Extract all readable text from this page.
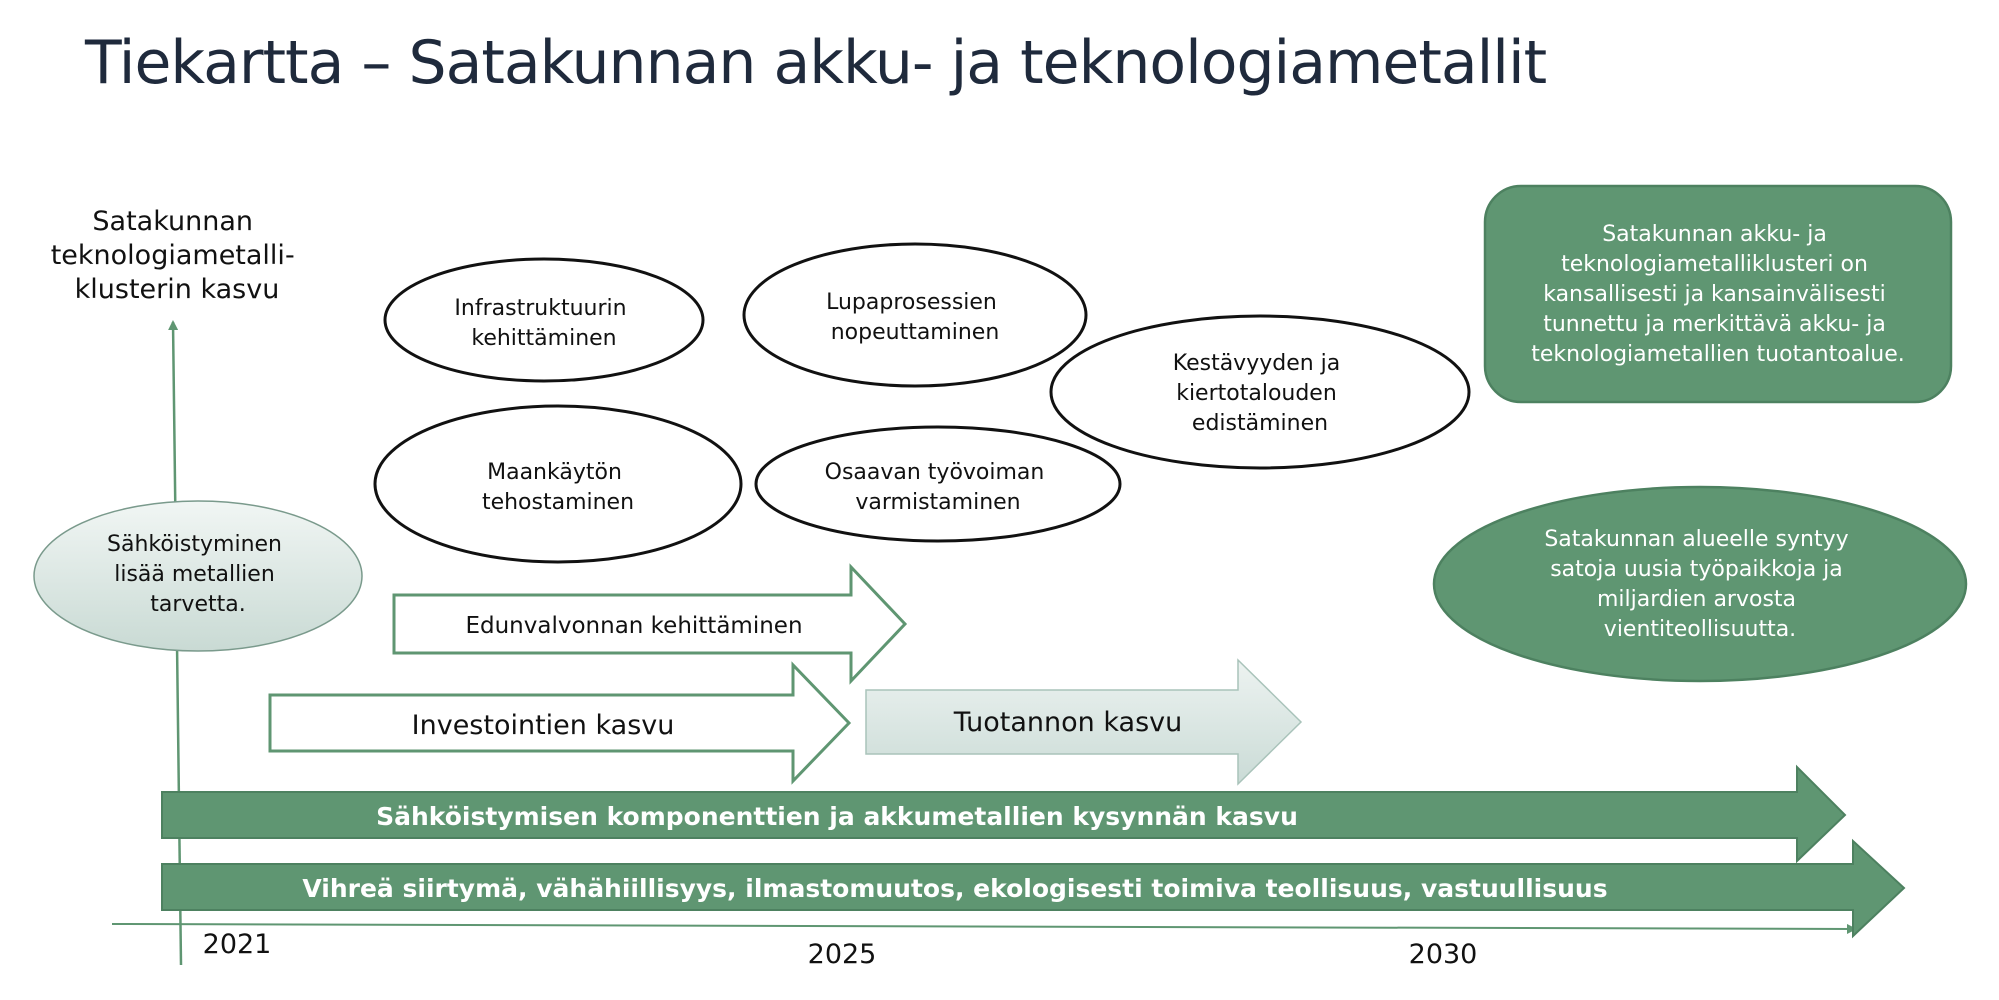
Tiekartta – Satakunnan akku- ja teknologiametallit
Satakunnan teknologiametalli- klusterin kasvu
2021	2025	2030
Sähköistyminen lisää metallien tarvetta.
Infrastruktuurin kehittäminen
Lupaprosessien nopeuttaminen
Kestävyyden ja kiertotalouden edistäminen
Maankäytön tehostaminen
Osaavan työvoiman varmistaminen
Edunvalvonnan kehittäminen
Investointien kasvu	Tuotannon kasvu
Sähköistymisen komponenttien ja akkumetallien kysynnän kasvu
Vihreä siirtymä, vähähiillisyys, ilmastomuutos, ekologisesti toimiva teollisuus, vastuullisuus
Satakunnan akku- ja teknologiametalliklusteri on kansallisesti ja kansainvälisesti tunnettu ja merkittävä akku- ja teknologiametallien tuotantoalue.
Satakunnan alueelle syntyy satoja uusia työpaikkoja ja miljardien arvosta vientiteollisuutta.
